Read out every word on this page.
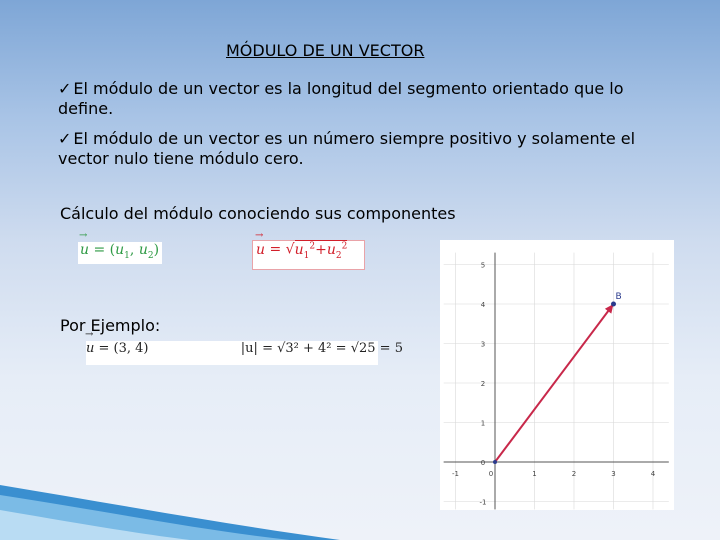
MÓDULO DE UN VECTOR
✓ El módulo de un vector es la longitud del segmento orientado que lo define.
✓ El módulo de un vector es un número siempre positivo y solamente el vector nulo tiene módulo cero.
Cálculo del módulo conociendo sus componentes
→ $u = (u_1$, $u_2$)
→	$u = √u_1^2+u_2^2$
Por Ejemplo:
→ u = (3, 4)	|u| = √3² + 4² = √25 = 5
-1	0	1	2	3	4
5
4
3
2
1
-1
0
B
